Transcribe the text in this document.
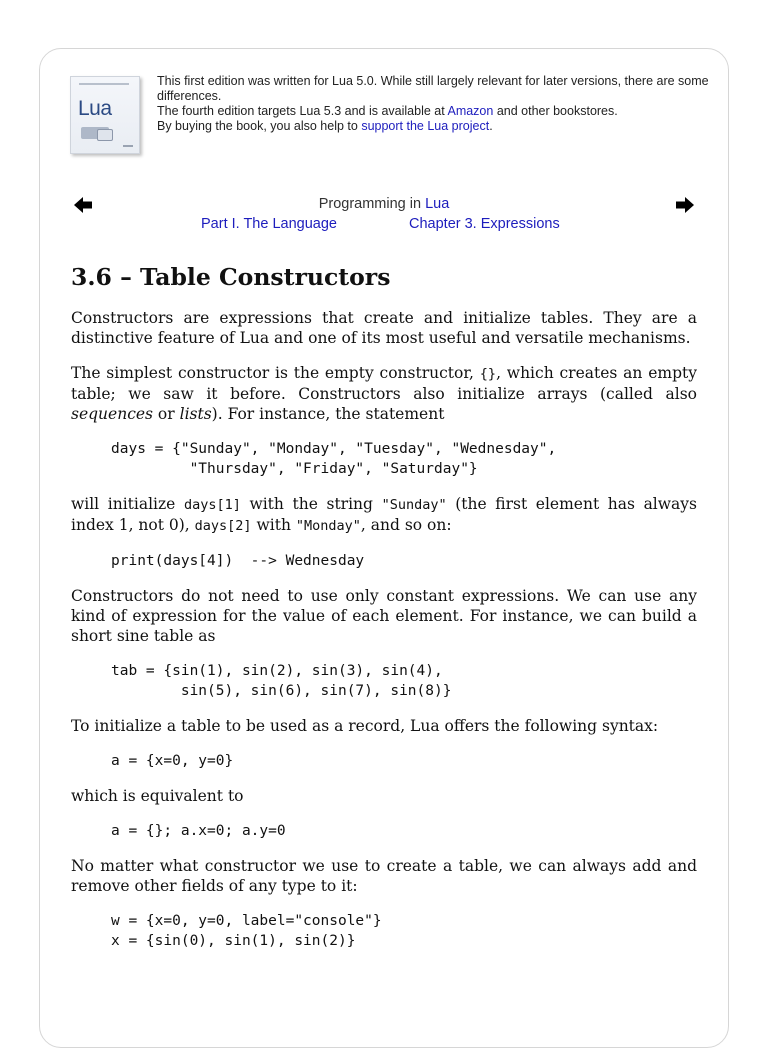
Lua

This first edition was written for Lua 5.0. While still largely relevant for later versions, there are some differences.

The fourth edition targets Lua 5.3 and is available at Amazon and other bookstores.

By buying the book, you also help to support the Lua project.

Programming in Lua
Part I. The Language	Chapter 3. Expressions
3.6 – Table Constructors

Constructors are expressions that create and initialize tables. They are a distinctive feature of Lua and one of its most useful and versatile mechanisms.

The simplest constructor is the empty constructor, {}, which creates an empty table; we saw it before. Constructors also initialize arrays (called also sequences or lists). For instance, the statement

days = {"Sunday", "Monday", "Tuesday", "Wednesday",
"Thursday", "Friday", "Saturday"}

will initialize days[1] with the string "Sunday" (the first element has always index 1, not 0), days[2] with "Monday", and so on:

print(days[4])  --> Wednesday

Constructors do not need to use only constant expressions. We can use any kind of expression for the value of each element. For instance, we can build a short sine table as

tab = {sin(1), sin(2), sin(3), sin(4),
sin(5), sin(6), sin(7), sin(8)}

To initialize a table to be used as a record, Lua offers the following syntax:

a = {x=0, y=0}

which is equivalent to

a = {}; a.x=0; a.y=0

No matter what constructor we use to create a table, we can always add and remove other fields of any type to it:

w = {x=0, y=0, label="console"}
x = {sin(0), sin(1), sin(2)}
